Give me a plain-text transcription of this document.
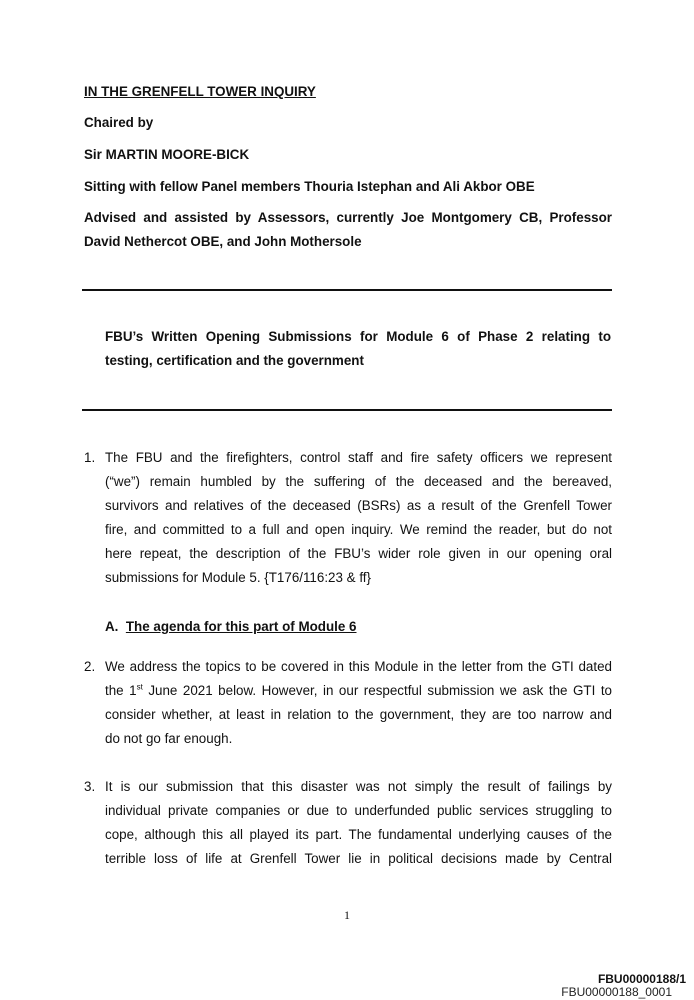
IN THE GRENFELL TOWER INQUIRY
Chaired by
Sir MARTIN MOORE-BICK
Sitting with fellow Panel members Thouria Istephan and Ali Akbor OBE
Advised and assisted by Assessors, currently Joe Montgomery CB, Professor
David Nethercot OBE, and John Mothersole
FBU’s Written Opening Submissions for Module 6 of Phase 2 relating to
testing, certification and the government
1. The FBU and the firefighters, control staff and fire safety officers we represent
(“we”) remain humbled by the suffering of the deceased and the bereaved,
survivors and relatives of the deceased (BSRs) as a result of the Grenfell Tower
fire, and committed to a full and open inquiry. We remind the reader, but do not
here repeat, the description of the FBU’s wider role given in our opening oral
submissions for Module 5. {T176/116:23 & ff}
A. The agenda for this part of Module 6
2. We address the topics to be covered in this Module in the letter from the GTI dated
the 1st June 2021 below. However, in our respectful submission we ask the GTI to
consider whether, at least in relation to the government, they are too narrow and
do not go far enough.
3. It is our submission that this disaster was not simply the result of failings by
individual private companies or due to underfunded public services struggling to
cope, although this all played its part. The fundamental underlying causes of the
terrible loss of life at Grenfell Tower lie in political decisions made by Central
1
FBU00000188/1
FBU00000188_0001
